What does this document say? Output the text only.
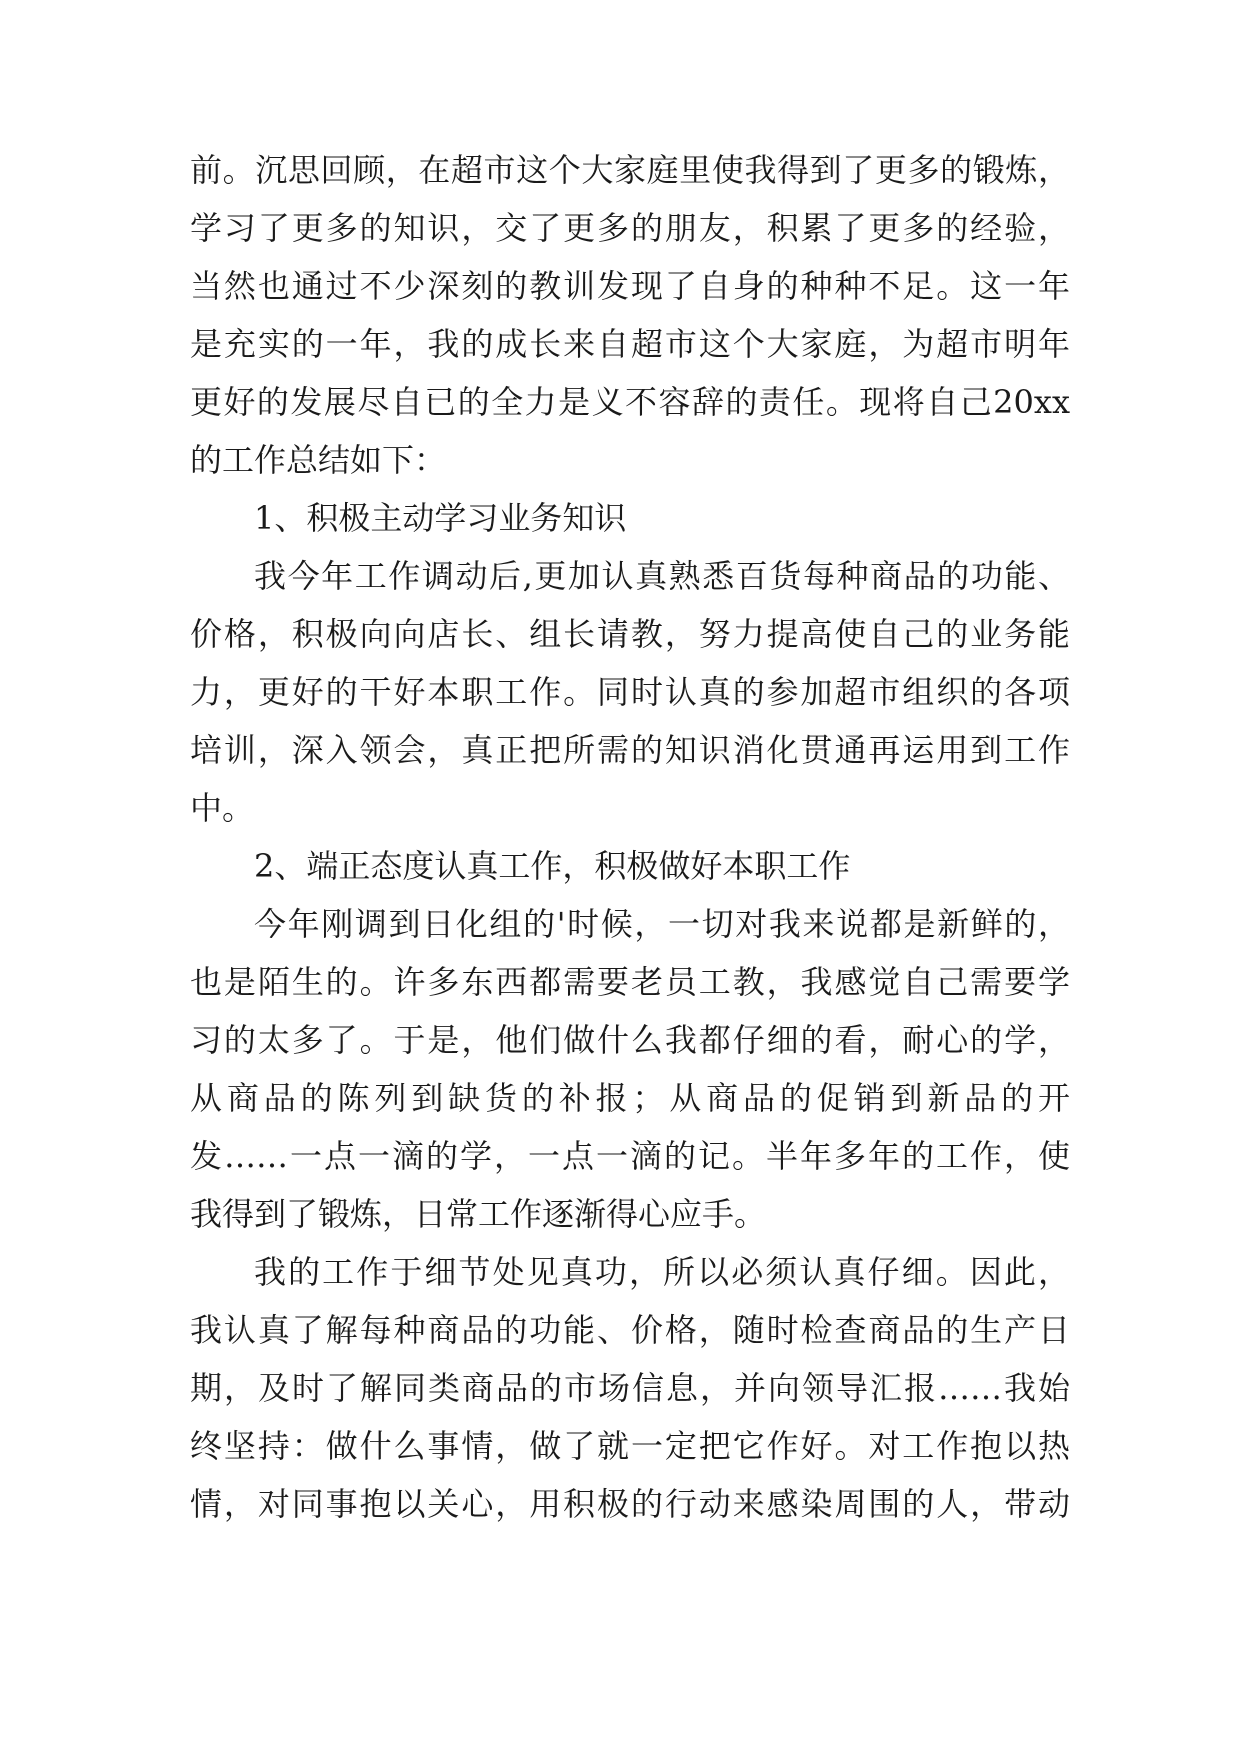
前。沉思回顾，在超市这个大家庭里使我得到了更多的锻炼，
学习了更多的知识，交了更多的朋友，积累了更多的经验，
当然也通过不少深刻的教训发现了自身的种种不足。这一年
是充实的一年，我的成长来自超市这个大家庭，为超市明年
更好的发展尽自已的全力是义不容辞的责任。现将自己20xx
的工作总结如下：
1、积极主动学习业务知识
我今年工作调动后,更加认真熟悉百货每种商品的功能、
价格，积极向向店长、组长请教，努力提高使自己的业务能
力，更好的干好本职工作。同时认真的参加超市组织的各项
培训，深入领会，真正把所需的知识消化贯通再运用到工作
中。
2、端正态度认真工作，积极做好本职工作
今年刚调到日化组的'时候，一切对我来说都是新鲜的，
也是陌生的。许多东西都需要老员工教，我感觉自己需要学
习的太多了。于是，他们做什么我都仔细的看，耐心的学，
从商品的陈列到缺货的补报；从商品的促销到新品的开
发……一点一滴的学，一点一滴的记。半年多年的工作，使
我得到了锻炼，日常工作逐渐得心应手。
我的工作于细节处见真功，所以必须认真仔细。因此，
我认真了解每种商品的功能、价格，随时检查商品的生产日
期，及时了解同类商品的市场信息，并向领导汇报……我始
终坚持：做什么事情，做了就一定把它作好。对工作抱以热
情，对同事抱以关心，用积极的行动来感染周围的人，带动
